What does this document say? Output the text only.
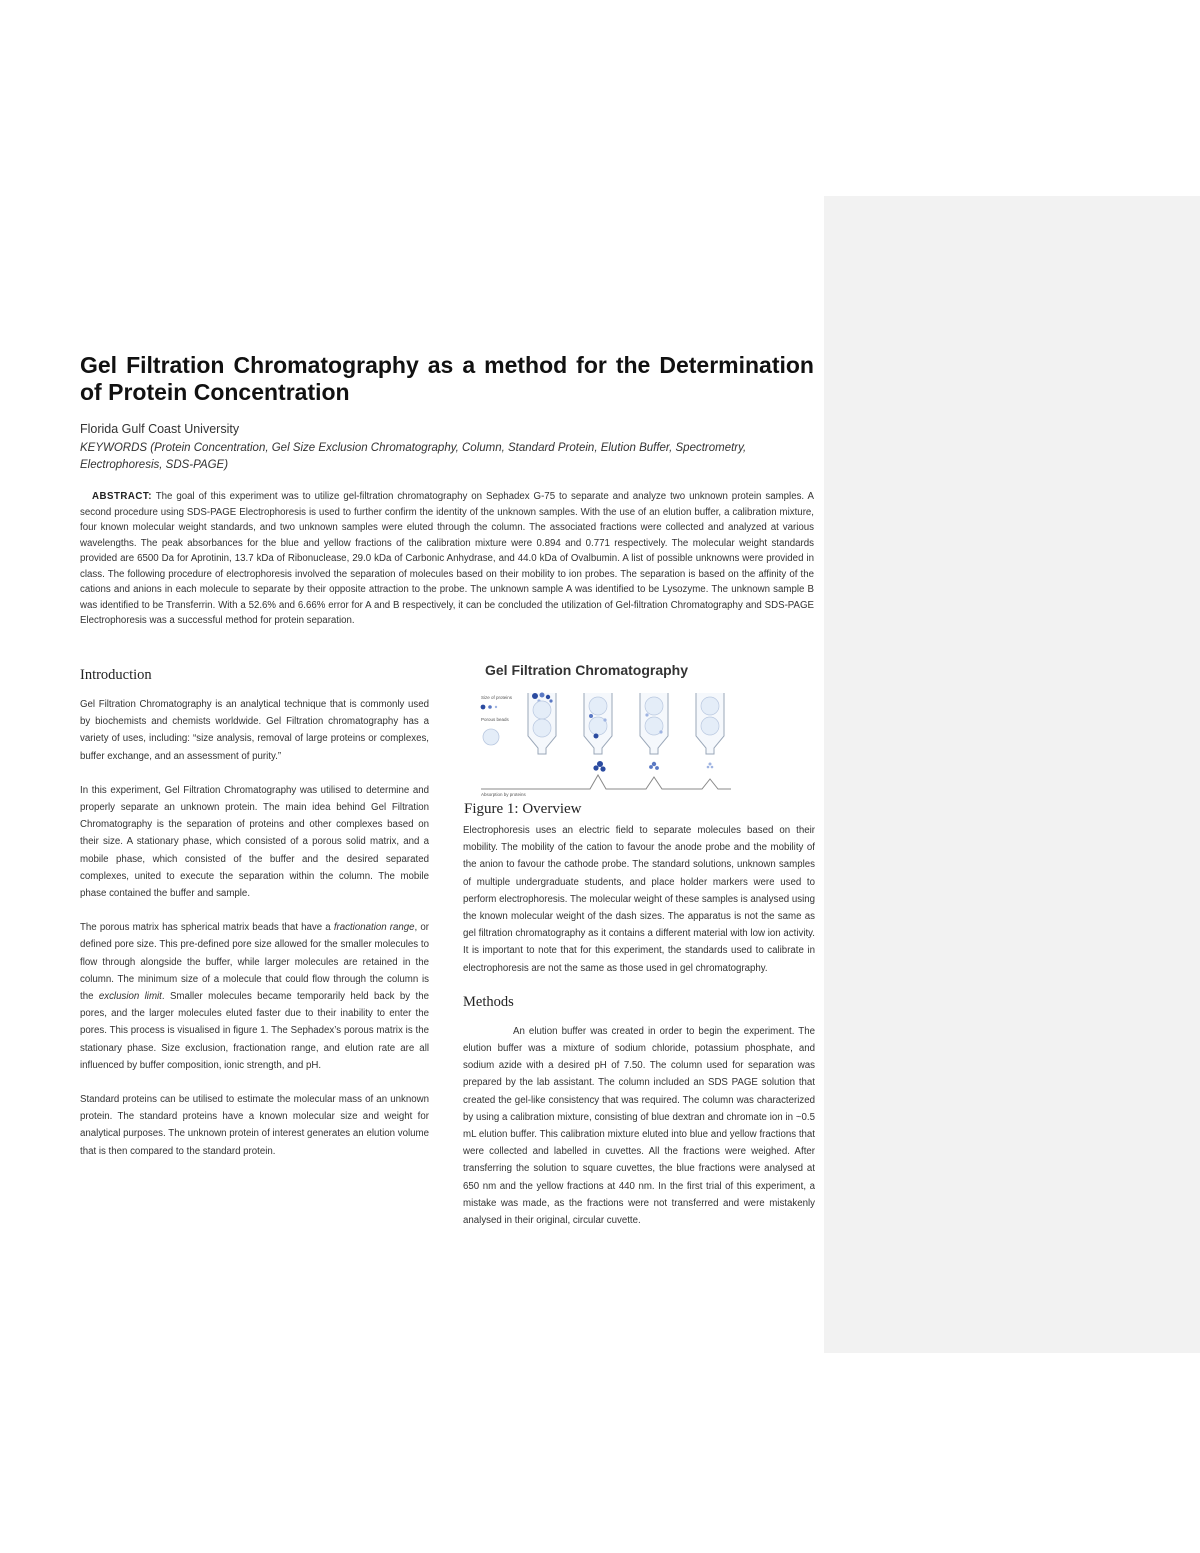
Gel Filtration Chromatography as a method for the Determination of Protein Concentration
Florida Gulf Coast University
KEYWORDS (Protein Concentration, Gel Size Exclusion Chromatography, Column, Standard Protein, Elution Buffer, Spectrometry, Electrophoresis, SDS-PAGE)
ABSTRACT: The goal of this experiment was to utilize gel-filtration chromatography on Sephadex G-75 to separate and analyze two unknown protein samples. A second procedure using SDS-PAGE Electrophoresis is used to further confirm the identity of the unknown samples. With the use of an elution buffer, a calibration mixture, four known molecular weight standards, and two unknown samples were eluted through the column. The associated fractions were collected and analyzed at various wavelengths. The peak absorbances for the blue and yellow fractions of the calibration mixture were 0.894 and 0.771 respectively. The molecular weight standards provided are 6500 Da for Aprotinin, 13.7 kDa of Ribonuclease, 29.0 kDa of Carbonic Anhydrase, and 44.0 kDa of Ovalbumin. A list of possible unknowns were provided in class. The following procedure of electrophoresis involved the separation of molecules based on their mobility to ion probes. The separation is based on the affinity of the cations and anions in each molecule to separate by their opposite attraction to the probe. The unknown sample A was identified to be Lysozyme. The unknown sample B was identified to be Transferrin. With a 52.6% and 6.66% error for A and B respectively, it can be concluded the utilization of Gel-filtration Chromatography and SDS-PAGE Electrophoresis was a successful method for protein separation.
Introduction

Gel Filtration Chromatography is an analytical technique that is commonly used by biochemists and chemists worldwide. Gel Filtration chromatography has a variety of uses, including: “size analysis, removal of large proteins or complexes, buffer exchange, and an assessment of purity.”

In this experiment, Gel Filtration Chromatography was utilised to determine and properly separate an unknown protein. The main idea behind Gel Filtration Chromatography is the separation of proteins and other complexes based on their size. A stationary phase, which consisted of a porous solid matrix, and a mobile phase, which consisted of the buffer and the desired separated complexes, united to execute the separation within the column. The mobile phase contained the buffer and sample.

The porous matrix has spherical matrix beads that have a fractionation range, or defined pore size. This pre-defined pore size allowed for the smaller molecules to flow through alongside the buffer, while larger molecules are retained in the column. The minimum size of a molecule that could flow through the column is the exclusion limit. Smaller molecules became temporarily held back by the pores, and the larger molecules eluted faster due to their inability to enter the pores. This process is visualised in figure 1. The Sephadex’s porous matrix is the stationary phase. Size exclusion, fractionation range, and elution rate are all influenced by buffer composition, ionic strength, and pH.

Standard proteins can be utilised to estimate the molecular mass of an unknown protein. The standard proteins have a known molecular size and weight for analytical purposes. The unknown protein of interest generates an elution volume that is then compared to the standard protein.

Gel Filtration Chromatography
Size of proteins
Porous beads
Absorption by proteins
Figure 1: Overview

Electrophoresis uses an electric field to separate molecules based on their mobility. The mobility of the cation to favour the anode probe and the mobility of the anion to favour the cathode probe. The standard solutions, unknown samples of multiple undergraduate students, and place holder markers were used to perform electrophoresis. The molecular weight of these samples is analysed using the known molecular weight of the dash sizes. The apparatus is not the same as gel filtration chromatography as it contains a different material with low ion activity. It is important to note that for this experiment, the standards used to calibrate in electrophoresis are not the same as those used in gel chromatography.

Methods

An elution buffer was created in order to begin the experiment. The elution buffer was a mixture of sodium chloride, potassium phosphate, and sodium azide with a desired pH of 7.50. The column used for separation was prepared by the lab assistant. The column included an SDS PAGE solution that created the gel-like consistency that was required. The column was characterized by using a calibration mixture, consisting of blue dextran and chromate ion in ~0.5 mL elution buffer. This calibration mixture eluted into blue and yellow fractions that were collected and labelled in cuvettes. All the fractions were weighed. After transferring the solution to square cuvettes, the blue fractions were analysed at 650 nm and the yellow fractions at 440 nm. In the first trial of this experiment, a mistake was made, as the fractions were not transferred and were mistakenly analysed in their original, circular cuvette.
